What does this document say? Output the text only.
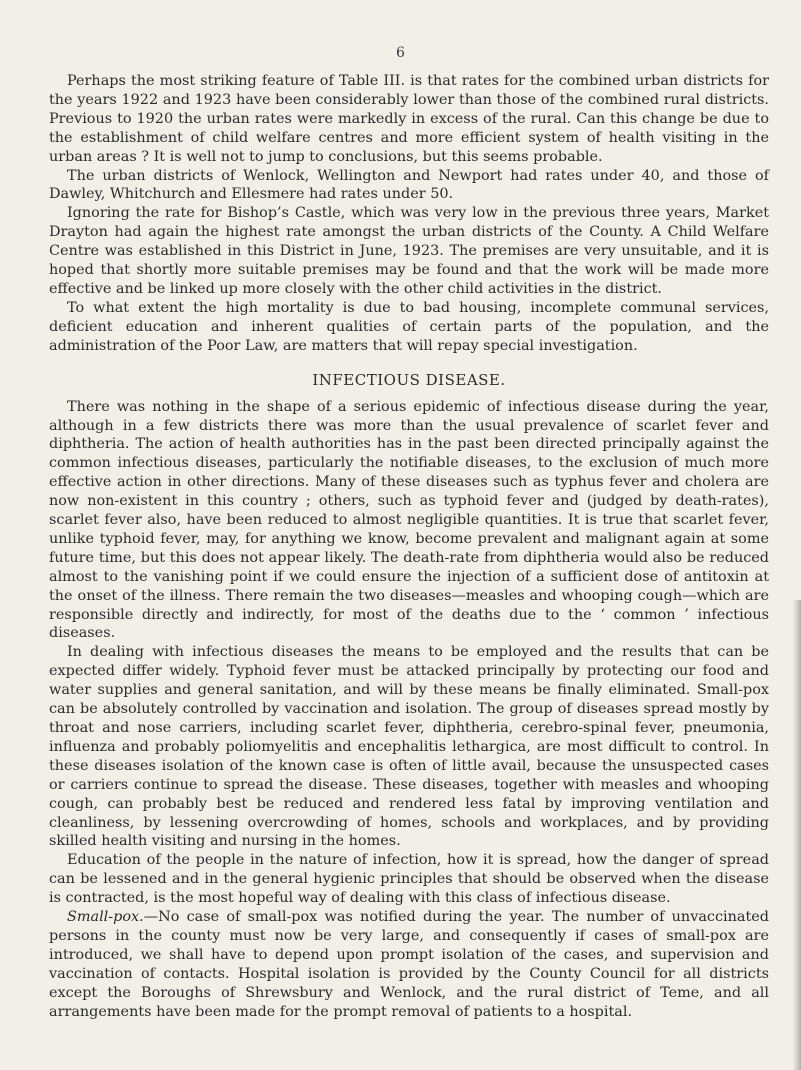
6

Perhaps the most striking feature of Table III. is that rates for the combined urban districts for the years 1922 and 1923 have been considerably lower than those of the combined rural districts. Previous to 1920 the urban rates were markedly in excess of the rural. Can this change be due to the establishment of child welfare centres and more efficient system of health visiting in the urban areas ? It is well not to jump to conclusions, but this seems probable.

The urban districts of Wenlock, Wellington and Newport had rates under 40, and those of Dawley, Whitchurch and Ellesmere had rates under 50.

Ignoring the rate for Bishop’s Castle, which was very low in the previous three years, Market Drayton had again the highest rate amongst the urban districts of the County. A Child Welfare Centre was established in this District in June, 1923. The premises are very unsuitable, and it is hoped that shortly more suitable premises may be found and that the work will be made more effective and be linked up more closely with the other child activities in the district.

To what extent the high mortality is due to bad housing, incomplete communal services, deficient education and inherent qualities of certain parts of the population, and the administration of the Poor Law, are matters that will repay special investigation.

INFECTIOUS DISEASE.

There was nothing in the shape of a serious epidemic of infectious disease during the year, although in a few districts there was more than the usual prevalence of scarlet fever and diphtheria. The action of health authorities has in the past been directed principally against the common infectious diseases, particularly the notifiable diseases, to the exclusion of much more effective action in other directions. Many of these diseases such as typhus fever and cholera are now non-existent in this country ; others, such as typhoid fever and (judged by death-rates), scarlet fever also, have been reduced to almost negligible quantities. It is true that scarlet fever, unlike typhoid fever, may, for anything we know, become prevalent and malignant again at some future time, but this does not appear likely. The death-rate from diphtheria would also be reduced almost to the vanishing point if we could ensure the injection of a sufficient dose of antitoxin at the onset of the illness. There remain the two diseases—measles and whooping cough—which are responsible directly and indirectly, for most of the deaths due to the ‘ common ’ infectious diseases.

In dealing with infectious diseases the means to be employed and the results that can be expected differ widely. Typhoid fever must be attacked principally by protecting our food and water supplies and general sanitation, and will by these means be finally eliminated. Small-pox can be absolutely controlled by vaccination and isolation. The group of diseases spread mostly by throat and nose carriers, including scarlet fever, diphtheria, cerebro-spinal fever, pneumonia, influenza and probably poliomyelitis and encephalitis lethargica, are most difficult to control. In these diseases isolation of the known case is often of little avail, because the unsuspected cases or carriers continue to spread the disease. These diseases, together with measles and whooping cough, can probably best be reduced and rendered less fatal by improving ventilation and cleanliness, by lessening overcrowding of homes, schools and workplaces, and by providing skilled health visiting and nursing in the homes.

Education of the people in the nature of infection, how it is spread, how the danger of spread can be lessened and in the general hygienic principles that should be observed when the disease is contracted, is the most hopeful way of dealing with this class of infectious disease.

Small-pox.—No case of small-pox was notified during the year. The number of unvaccinated persons in the county must now be very large, and consequently if cases of small-pox are introduced, we shall have to depend upon prompt isolation of the cases, and supervision and vaccination of contacts. Hospital isolation is provided by the County Council for all districts except the Boroughs of Shrewsbury and Wenlock, and the rural district of Teme, and all arrangements have been made for the prompt removal of patients to a hospital.
